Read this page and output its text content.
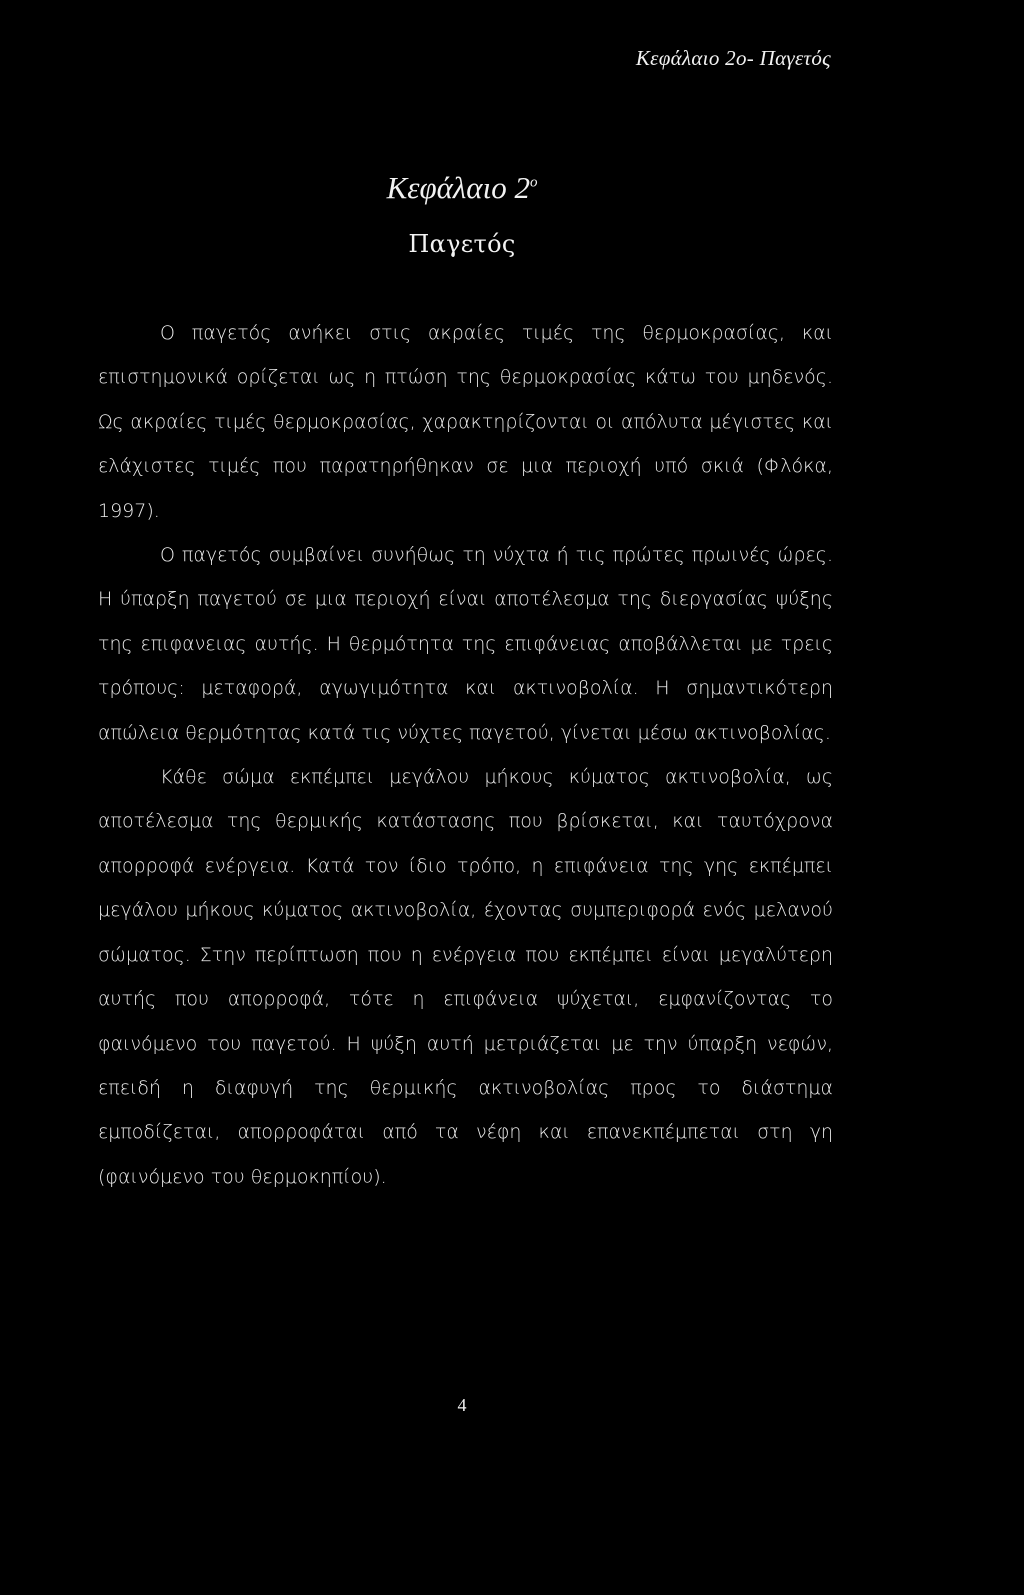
Κεφάλαιο 2ο- Παγετός
Κεφάλαιο $2^o$
Παγετός

Ο παγετός ανήκει στις ακραίες τιμές της θερμοκρασίας, και επιστημονικά ορίζεται ως η πτώση της θερμοκρασίας κάτω του μηδενός. Ως ακραίες τιμές θερμοκρασίας, χαρακτηρίζονται οι απόλυτα μέγιστες και ελάχιστες τιμές που παρατηρήθηκαν σε μια περιοχή υπό σκιά (Φλόκα, 1997).

Ο παγετός συμβαίνει συνήθως τη νύχτα ή τις πρώτες πρωινές ώρες. Η ύπαρξη παγετού σε μια περιοχή είναι αποτέλεσμα της διεργασίας ψύξης της επιφανειας αυτής. Η θερμότητα της επιφάνειας αποβάλλεται με τρεις τρόπους: μεταφορά, αγωγιμότητα και ακτινοβολία. Η σημαντικότερη απώλεια θερμότητας κατά τις νύχτες παγετού, γίνεται μέσω ακτινοβολίας.

Κάθε σώμα εκπέμπει μεγάλου μήκους κύματος ακτινοβολία, ως αποτέλεσμα της θερμικής κατάστασης που βρίσκεται, και ταυτόχρονα απορροφά ενέργεια. Κατά τον ίδιο τρόπο, η επιφάνεια της γης εκπέμπει μεγάλου μήκους κύματος ακτινοβολία, έχοντας συμπεριφορά ενός μελανού σώματος. Στην περίπτωση που η ενέργεια που εκπέμπει είναι μεγαλύτερη αυτής που απορροφά, τότε η επιφάνεια ψύχεται, εμφανίζοντας το φαινόμενο του παγετού. Η ψύξη αυτή μετριάζεται με την ύπαρξη νεφών, επειδή η διαφυγή της θερμικής ακτινοβολίας προς το διάστημα εμποδίζεται, απορροφάται από τα νέφη και επανεκπέμπεται στη γη (φαινόμενο του θερμοκηπίου).

4
